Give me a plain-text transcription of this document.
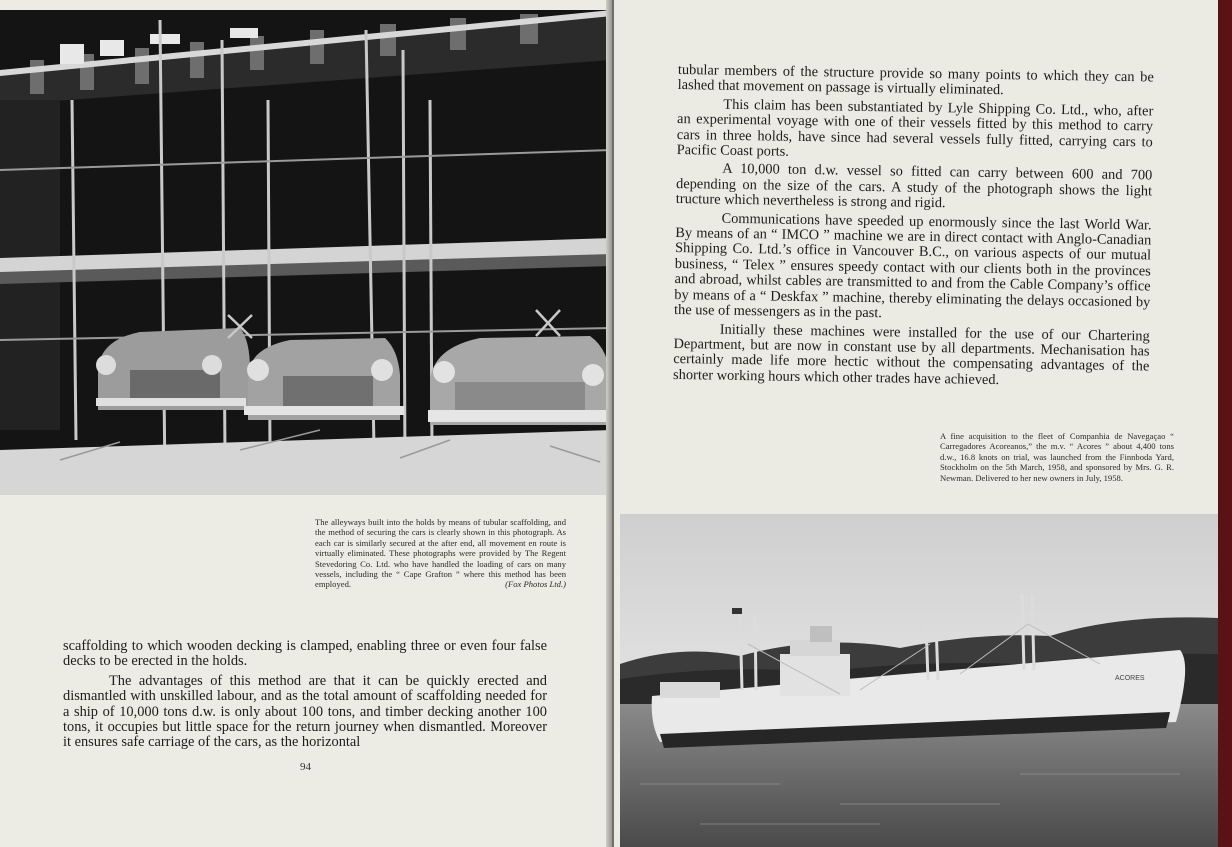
The alleyways built into the holds by means of tubular scaffolding, and the method of securing the cars is clearly shown in this photograph. As each car is similarly secured at the after end, all movement en route is virtually eliminated. These photographs were provided by The Regent Stevedoring Co. Ltd. who have handled the loading of cars on many vessels, including the “ Cape Grafton ” where this method has been employed.	(Fox Photos Ltd.)

scaffolding to which wooden decking is clamped, enabling three or even four false decks to be erected in the holds.

The advantages of this method are that it can be quickly erected and dismantled with unskilled labour, and as the total amount of scaffolding needed for a ship of 10,000 tons d.w. is only about 100 tons, and timber decking another 100 tons, it occupies but little space for the return journey when dismantled. Moreover it ensures safe carriage of the cars, as the horizontal

94

tubular members of the structure provide so many points to which they can be lashed that movement on passage is virtually eliminated.

This claim has been substantiated by Lyle Shipping Co. Ltd., who, after an experimental voyage with one of their vessels fitted by this method to carry cars in three holds, have since had several vessels fully fitted, carrying cars to Pacific Coast ports.

A 10,000 ton d.w. vessel so fitted can carry between 600 and 700 depending on the size of the cars. A study of the photograph shows the light tructure which nevertheless is strong and rigid.

Communications have speeded up enormously since the last World War. By means of an “ IMCO ” machine we are in direct contact with Anglo-Canadian Shipping Co. Ltd.’s office in Vancouver B.C., on various aspects of our mutual business, “ Telex ” ensures speedy contact with our clients both in the provinces and abroad, whilst cables are transmitted to and from the Cable Company’s office by means of a “ Deskfax ” machine, thereby eliminating the delays occasioned by the use of messengers as in the past.

Initially these machines were installed for the use of our Chartering Department, but are now in constant use by all departments. Mechanisation has certainly made life more hectic without the compensating advantages of the shorter working hours which other trades have achieved.

A fine acquisition to the fleet of Companhia de Navegaçao “ Carregadores Acoreanos,” the m.v. “ Acores ” about 4,400 tons d.w., 16.8 knots on trial, was launched from the Finnboda Yard, Stockholm on the 5th March, 1958, and sponsored by Mrs. G. R. Newman. Delivered to her new owners in July, 1958.
ACORES
